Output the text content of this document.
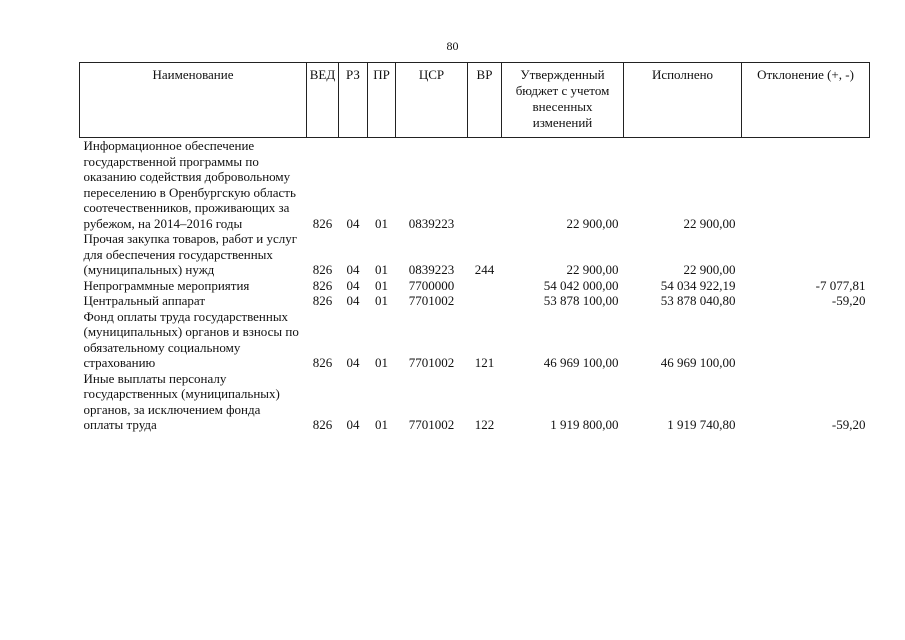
80
Наименование	ВЕД	РЗ	ПР	ЦСР	ВР	Утвержденный бюджет с учетом внесенных изменений	Исполнено	Отклонение (+, -)
Информационное обеспечение государственной программы по оказанию содействия добровольному переселению в Оренбургскую область соотечественников, проживающих за рубежом, на 2014–2016 годы	826	04	01	0839223		22 900,00	22 900,00	
Прочая закупка товаров, работ и услуг для обеспечения государственных (муниципальных) нужд	826	04	01	0839223	244	22 900,00	22 900,00	
Непрограммные мероприятия	826	04	01	7700000		54 042 000,00	54 034 922,19	-7 077,81
Центральный аппарат	826	04	01	7701002		53 878 100,00	53 878 040,80	-59,20
Фонд оплаты труда государственных (муниципальных) органов и взносы по обязательному социальному страхованию	826	04	01	7701002	121	46 969 100,00	46 969 100,00	
Иные выплаты персоналу государственных (муниципальных) органов, за исключением фонда оплаты труда	826	04	01	7701002	122	1 919 800,00	1 919 740,80	-59,20
